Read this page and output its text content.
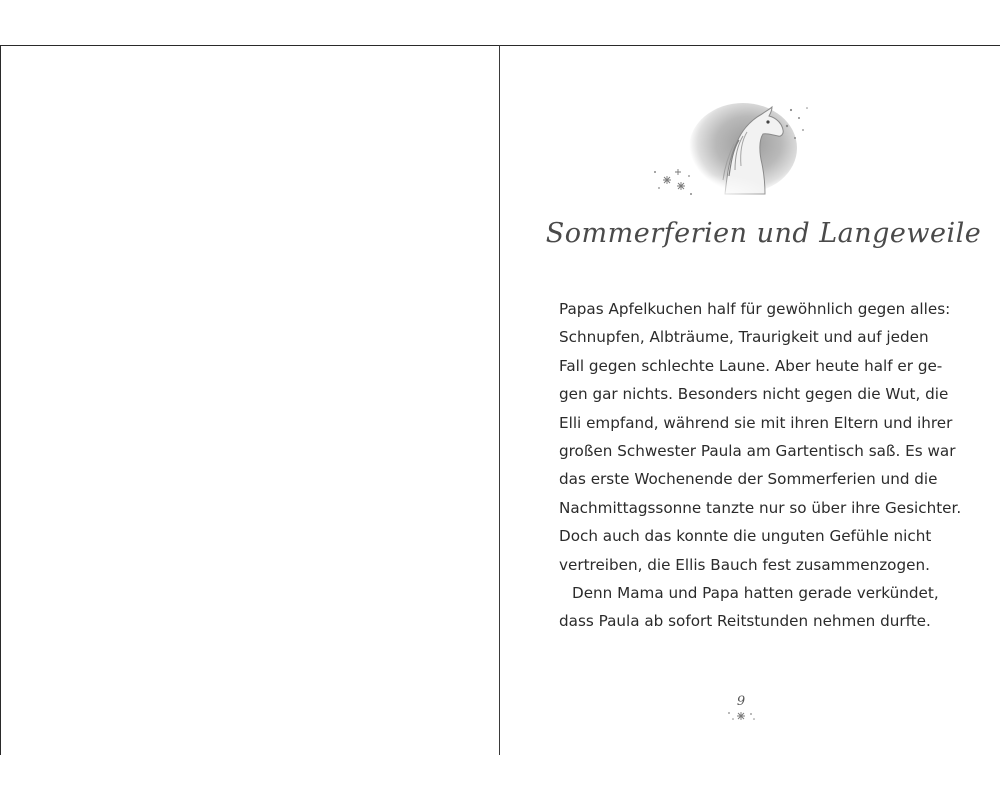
Sommerferien und Langeweile
Papas Apfelkuchen half für gewöhnlich gegen alles:
Schnupfen, Albträume, Traurigkeit und auf jeden
Fall gegen schlechte Laune. Aber heute half er ge-
gen gar nichts. Besonders nicht gegen die Wut, die
Elli empfand, während sie mit ihren Eltern und ihrer
großen Schwester Paula am Gartentisch saß. Es war
das erste Wochenende der Sommerferien und die
Nachmittagssonne tanzte nur so über ihre Gesichter.
Doch auch das konnte die unguten Gefühle nicht
vertreiben, die Ellis Bauch fest zusammenzogen.
Denn Mama und Papa hatten gerade verkündet,
dass Paula ab sofort Reitstunden nehmen durfte.
9
